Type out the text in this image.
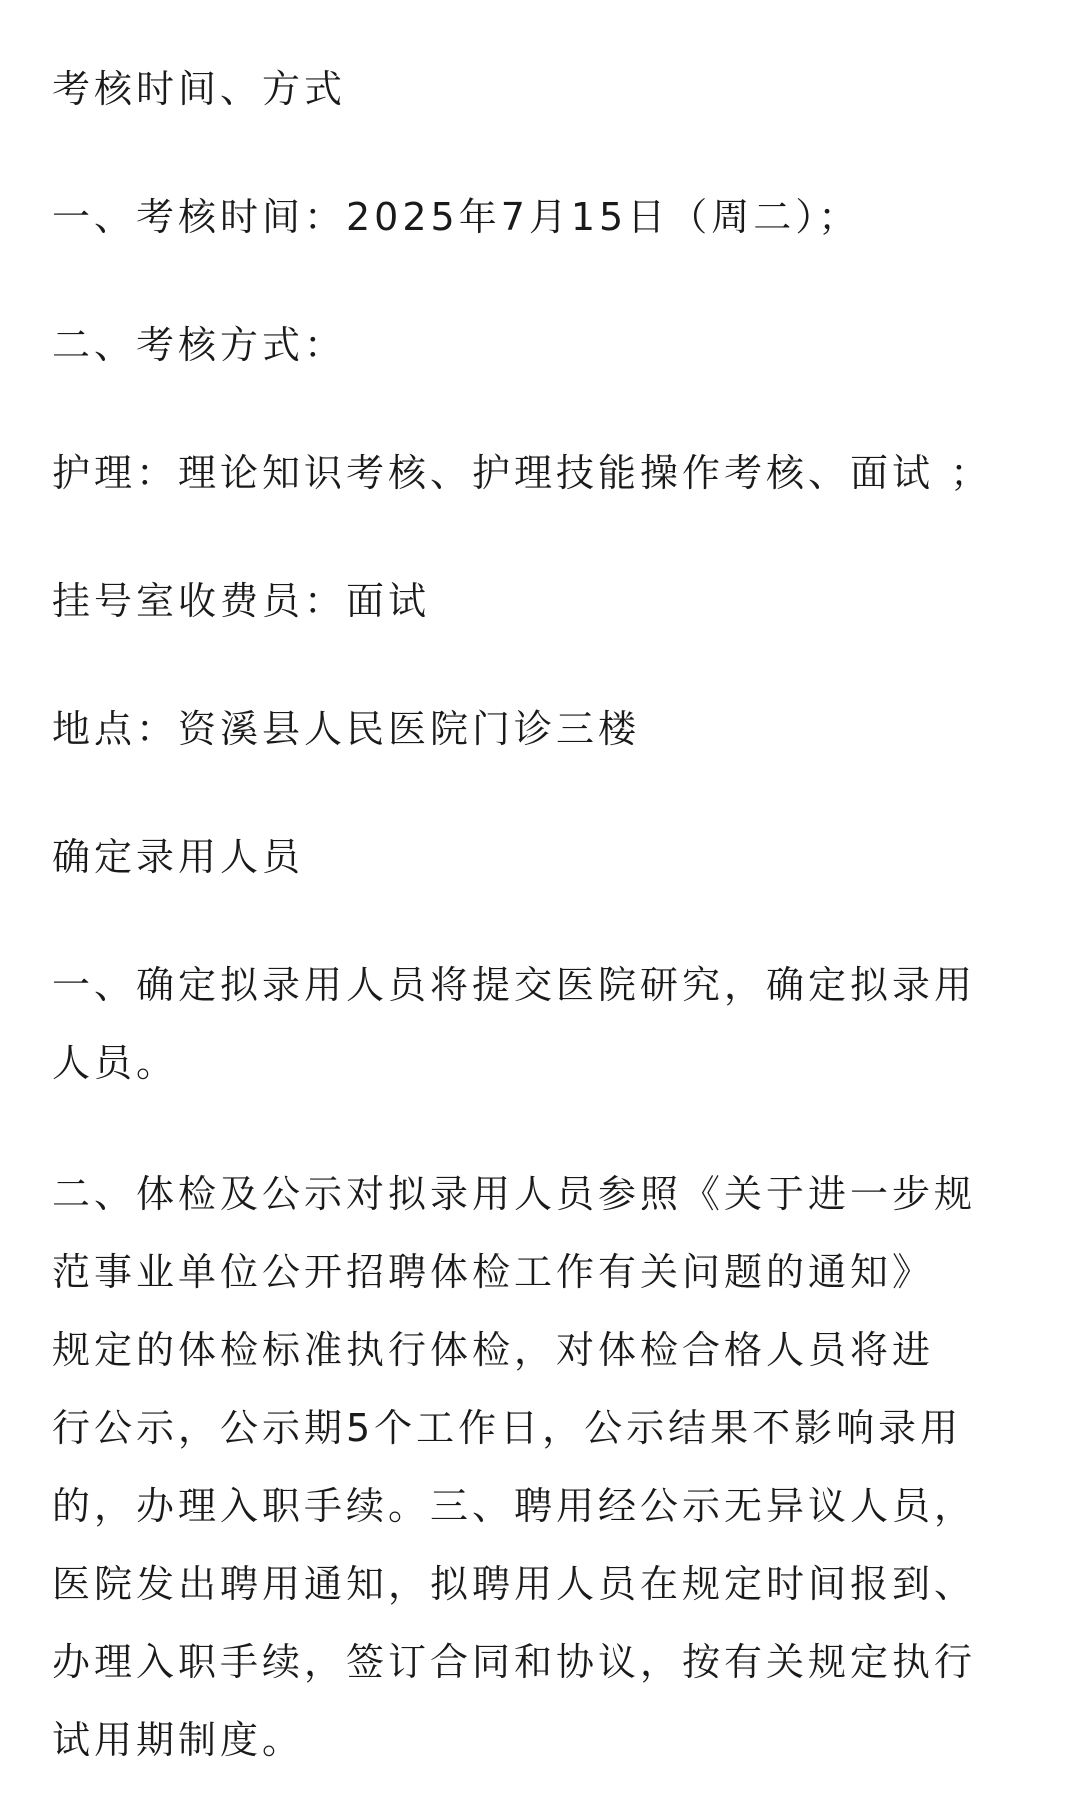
考核时间、方式
一、考核时间：2025年7月15日（周二）；
二、考核方式：
护理：理论知识考核、护理技能操作考核、面试 ；
挂号室收费员：面试
地点：资溪县人民医院门诊三楼
确定录用人员
一、确定拟录用人员将提交医院研究，确定拟录用
人员。
二、体检及公示对拟录用人员参照《关于进一步规
范事业单位公开招聘体检工作有关问题的通知》
规定的体检标准执行体检，对体检合格人员将进
行公示，公示期5个工作日，公示结果不影响录用
的，办理入职手续。三、聘用经公示无异议人员，
医院发出聘用通知，拟聘用人员在规定时间报到、
办理入职手续，签订合同和协议，按有关规定执行
试用期制度。
